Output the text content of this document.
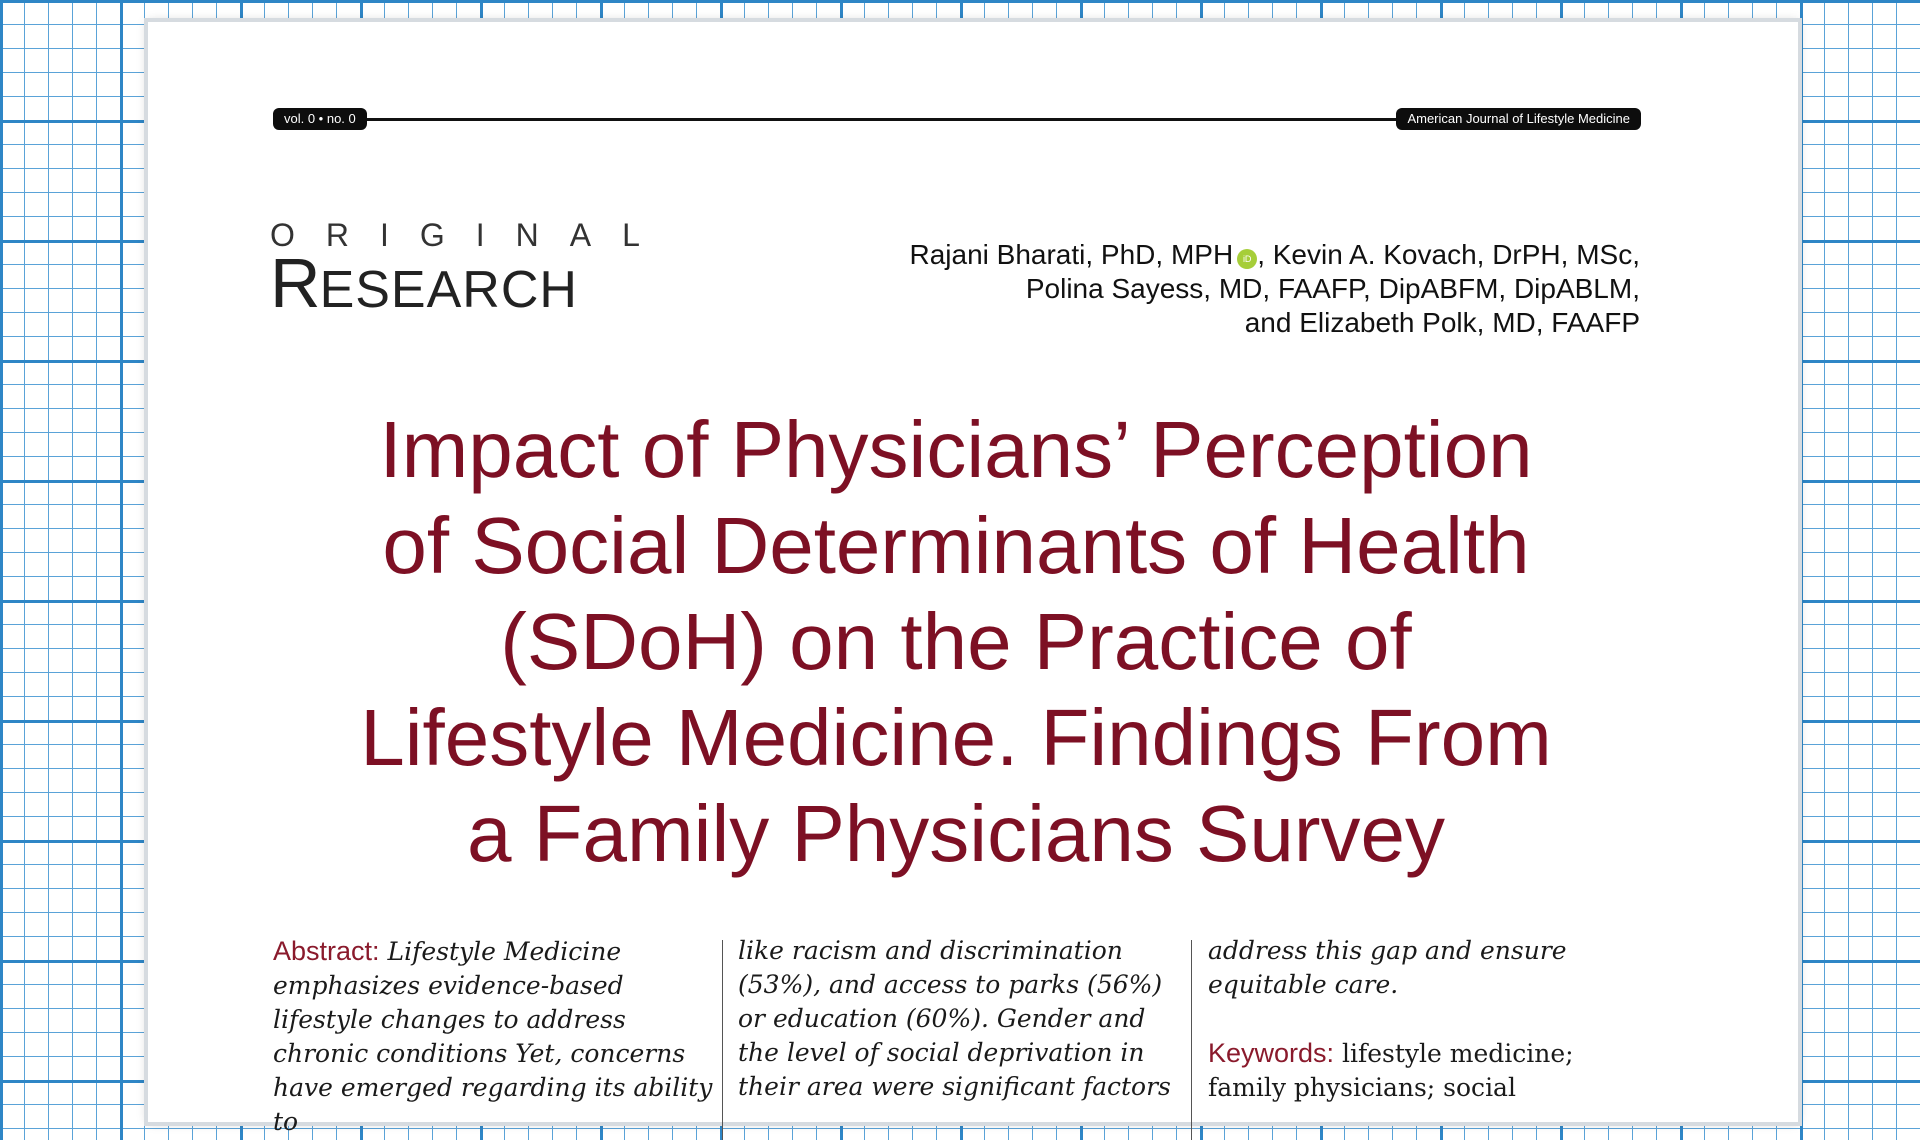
vol. 0 • no. 0	American Journal of Lifestyle Medicine
ORIGINAL
RESEARCH
Rajani Bharati, PhD, MPH iD , Kevin A. Kovach, DrPH, MSc,
Polina Sayess, MD, FAAFP, DipABFM, DipABLM,
and Elizabeth Polk, MD, FAAFP
Impact of Physicians’ Perception
of Social Determinants of Health
(SDoH) on the Practice of
Lifestyle Medicine. Findings From
a Family Physicians Survey
Abstract: Lifestyle Medicine emphasizes evidence-based lifestyle changes to address chronic conditions Yet, concerns have emerged regarding its ability to
like racism and discrimination (53%), and access to parks (56%) or education (60%). Gender and the level of social deprivation in their area were significant factors
address this gap and ensure equitable care.
Keywords: lifestyle medicine; family physicians; social
